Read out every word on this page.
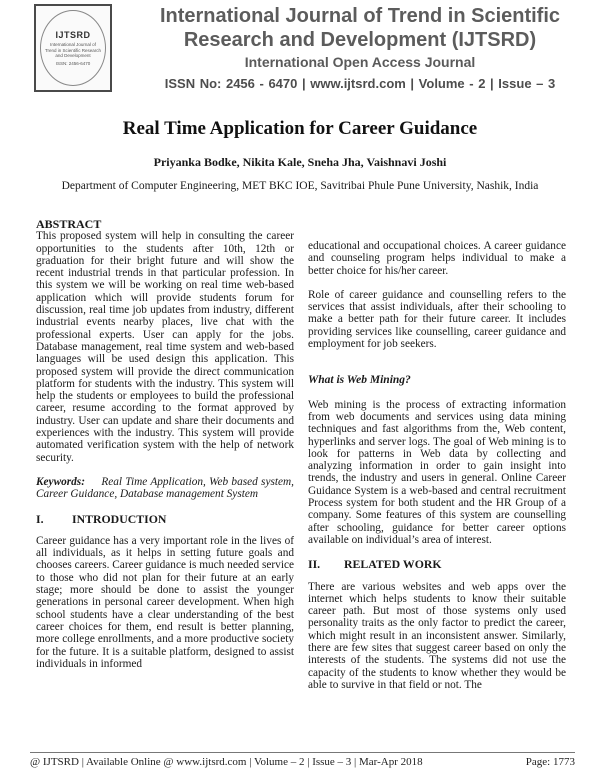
IJTSRD
International Journal of Trend in Scientific Research and Development
ISSN: 2456-6470
International Journal of Trend in Scientific
Research and Development (IJTSRD)
International Open Access Journal
ISSN No: 2456 - 6470 | www.ijtsrd.com | Volume - 2 | Issue – 3
Real Time Application for Career Guidance
Priyanka Bodke, Nikita Kale, Sneha Jha, Vaishnavi Joshi
Department of Computer Engineering, MET BKC IOE, Savitribai Phule Pune University, Nashik, India

ABSTRACT

This proposed system will help in consulting the career opportunities to the students after 10th, 12th or graduation for their bright future and will show the recent industrial trends in that particular profession. In this system we will be working on real time web-based application which will provide students forum for discussion, real time job updates from industry, different industrial events nearby places, live chat with the professional experts. User can apply for the jobs. Database management, real time system and web-based languages will be used design this application. This proposed system will provide the direct communication platform for students with the industry. This system will help the students or employees to build the professional career, resume according to the format approved by industry. User can update and share their documents and experiences with the industry. This system will provide automated verification system with the help of network security.

Keywords: Real Time Application, Web based system, Career Guidance, Database management System

I.	INTRODUCTION

Career guidance has a very important role in the lives of all individuals, as it helps in setting future goals and chooses careers. Career guidance is much needed service to those who did not plan for their future at an early stage; more should be done to assist the younger generations in personal career development. When high school students have a clear understanding of the best career choices for them, end result is better planning, more college enrollments, and a more productive society for the future. It is a suitable platform, designed to assist individuals in informed

educational and occupational choices. A career guidance and counseling program helps individual to make a better choice for his/her career.

Role of career guidance and counselling refers to the services that assist individuals, after their schooling to make a better path for their future career. It includes providing services like counselling, career guidance and employment for job seekers.

What is Web Mining?

Web mining is the process of extracting information from web documents and services using data mining techniques and fast algorithms from the, Web content, hyperlinks and server logs. The goal of Web mining is to look for patterns in Web data by collecting and analyzing information in order to gain insight into trends, the industry and users in general. Online Career Guidance System is a web-based and central recruitment Process system for both student and the HR Group of a company. Some features of this system are counselling after schooling, guidance for better career options available on individual’s area of interest.

II.	RELATED WORK

There are various websites and web apps over the internet which helps students to know their suitable career path. But most of those systems only used personality traits as the only factor to predict the career, which might result in an inconsistent answer. Similarly, there are few sites that suggest career based on only the interests of the students. The systems did not use the capacity of the students to know whether they would be able to survive in that field or not. The

@ IJTSRD | Available Online @ www.ijtsrd.com | Volume – 2 | Issue – 3 | Mar-Apr 2018	Page: 1773
